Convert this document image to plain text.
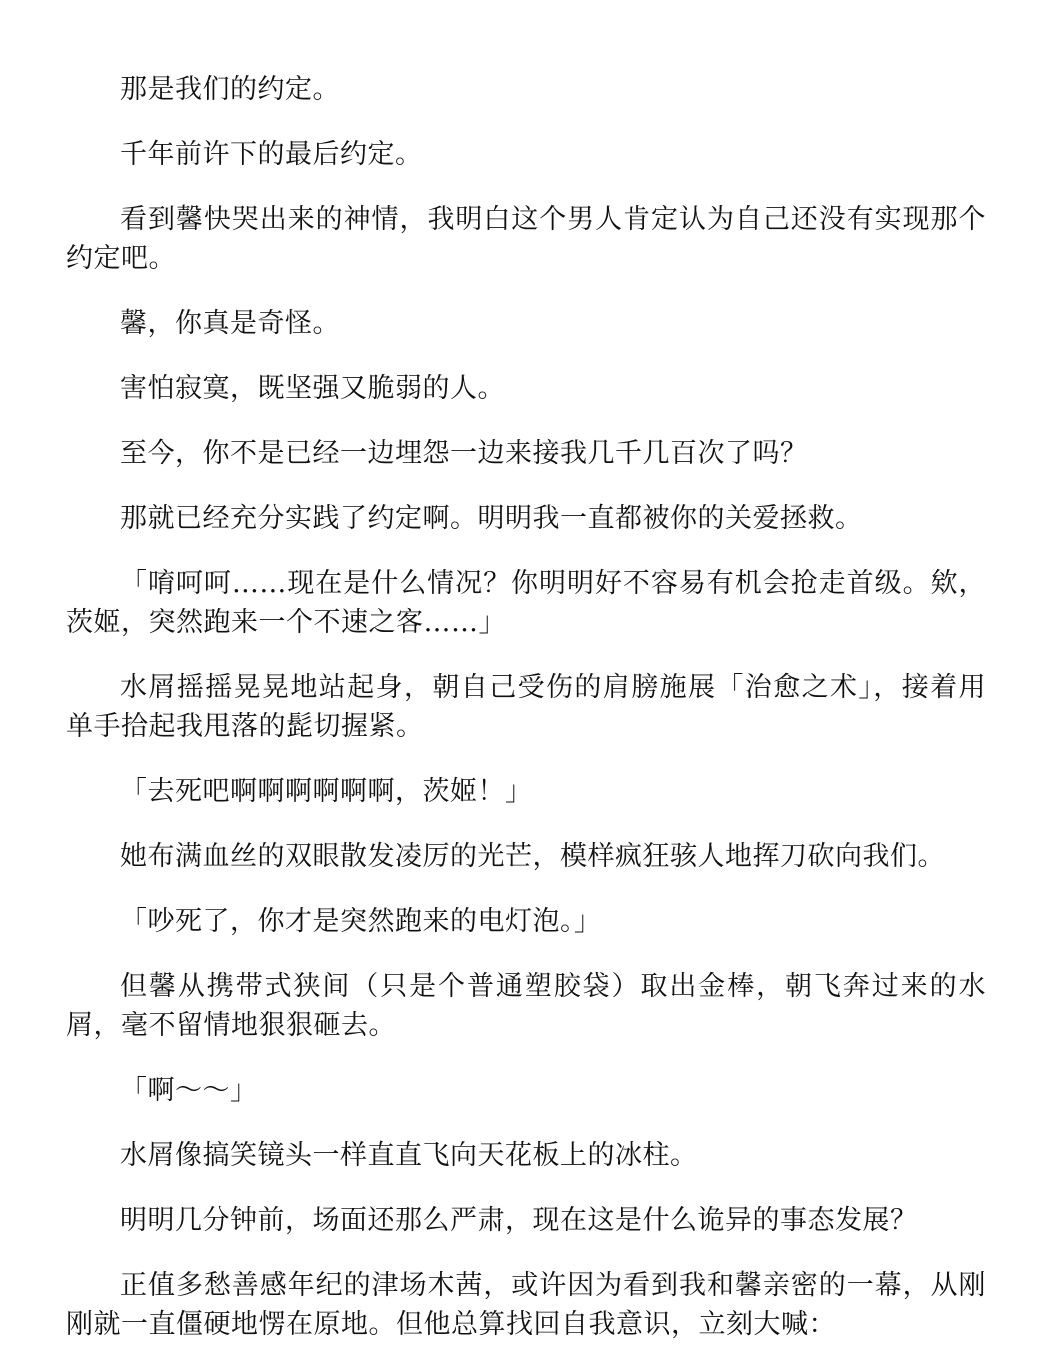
那是我们的约定。

千年前许下的最后约定。

看到馨快哭出来的神情，我明白这个男人肯定认为自己还没有实现那个约定吧。

馨，你真是奇怪。

害怕寂寞，既坚强又脆弱的人。

至今，你不是已经一边埋怨一边来接我几千几百次了吗？

那就已经充分实践了约定啊。明明我一直都被你的关爱拯救。

「唷呵呵……现在是什么情况？你明明好不容易有机会抢走首级。欸，茨姬，突然跑来一个不速之客……」

水屑摇摇晃晃地站起身，朝自己受伤的肩膀施展「治愈之术」，接着用单手拾起我甩落的髭切握紧。

「去死吧啊啊啊啊啊啊，茨姬！」

她布满血丝的双眼散发凌厉的光芒，模样疯狂骇人地挥刀砍向我们。

「吵死了，你才是突然跑来的电灯泡。」

但馨从携带式狭间（只是个普通塑胶袋）取出金棒，朝飞奔过来的水屑，毫不留情地狠狠砸去。

「啊～～」

水屑像搞笑镜头一样直直飞向天花板上的冰柱。

明明几分钟前，场面还那么严肃，现在这是什么诡异的事态发展？

正值多愁善感年纪的津场木茜，或许因为看到我和馨亲密的一幕，从刚刚就一直僵硬地愣在原地。但他总算找回自我意识，立刻大喊：
